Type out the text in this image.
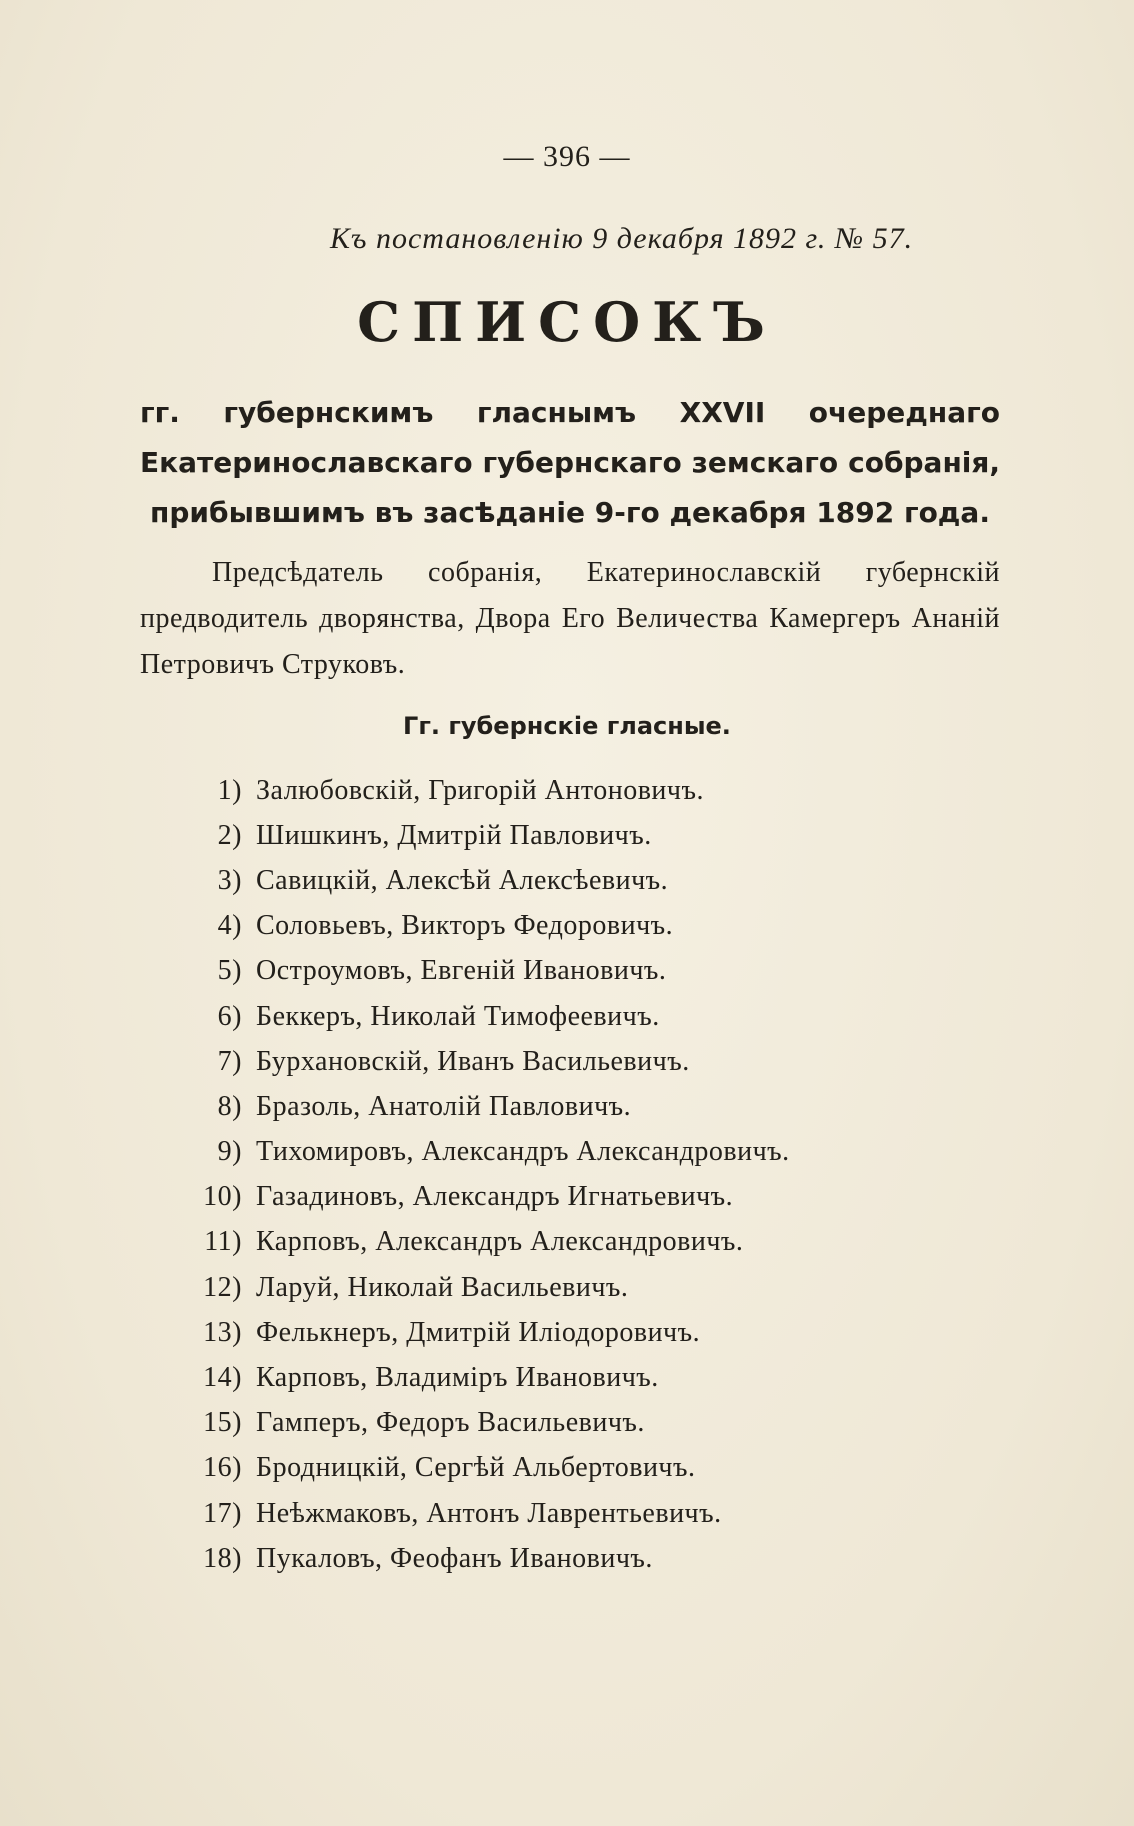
— 396 —
Къ постановленію 9 декабря 1892 г. № 57.
СПИСОКЪ
гг. губернскимъ гласнымъ XXVII очереднаго Екатеринославскаго губернскаго земскаго собранія, прибывшимъ въ засѣданіе 9-го декабря 1892 года.
Предсѣдатель собранія, Екатеринославскій губернскій предводитель дворянства, Двора Его Величества Камергеръ Ананій Петровичъ Струковъ.
Гг. губернскіе гласные.
1) Залюбовскій, Григорій Антоновичъ.
2) Шишкинъ, Дмитрій Павловичъ.
3) Савицкій, Алексѣй Алексѣевичъ.
4) Соловьевъ, Викторъ Федоровичъ.
5) Остроумовъ, Евгеній Ивановичъ.
6) Беккеръ, Николай Тимофеевичъ.
7) Бурхановскій, Иванъ Васильевичъ.
8) Бразоль, Анатолій Павловичъ.
9) Тихомировъ, Александръ Александровичъ.
10) Газадиновъ, Александръ Игнатьевичъ.
11) Карповъ, Александръ Александровичъ.
12) Ларуй, Николай Васильевичъ.
13) Фелькнеръ, Дмитрій Иліодоровичъ.
14) Карповъ, Владиміръ Ивановичъ.
15) Гамперъ, Федоръ Васильевичъ.
16) Бродницкій, Сергѣй Альбертовичъ.
17) Неѣжмаковъ, Антонъ Лаврентьевичъ.
18) Пукаловъ, Феофанъ Ивановичъ.
